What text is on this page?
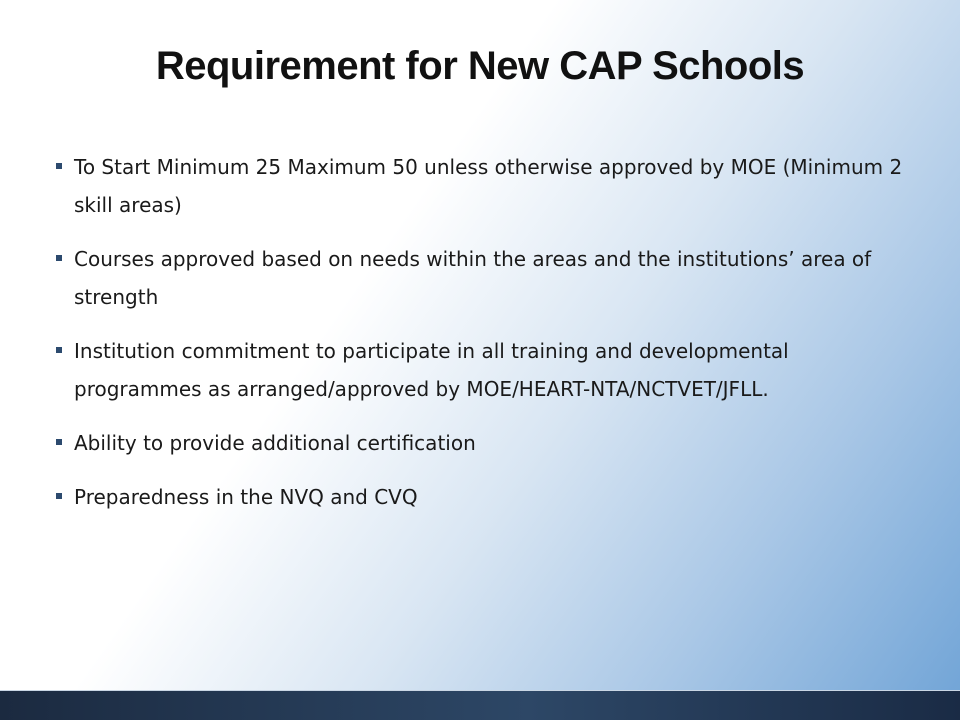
Requirement for New CAP Schools
To Start Minimum 25 Maximum 50 unless otherwise approved by MOE (Minimum 2 skill areas)
Courses approved based on needs within the areas and the institutions’ area of strength
Institution commitment to participate in all training and developmental programmes as arranged/approved by MOE/HEART-NTA/NCTVET/JFLL.
Ability to provide additional certification
Preparedness in the NVQ and CVQ
